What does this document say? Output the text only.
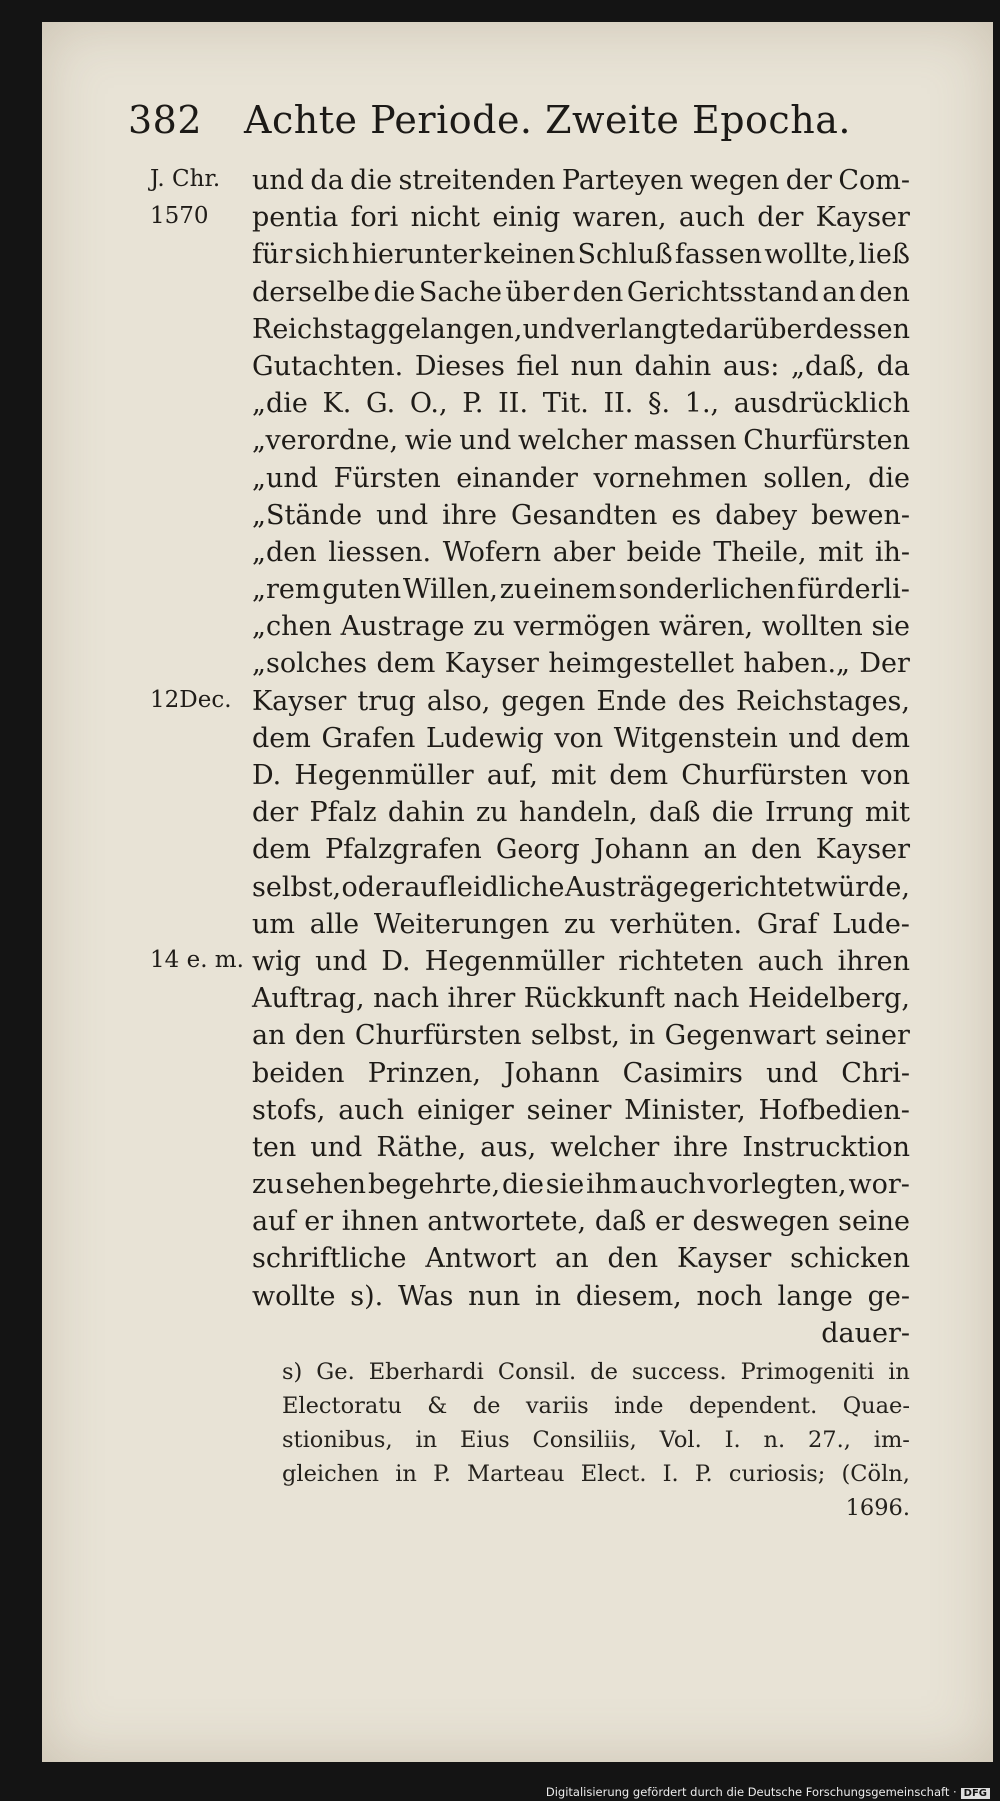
382 Achte Periode. Zweite Epocha.
und da die streitenden Parteyen wegen der Com-
pentia fori nicht einig waren, auch der Kayser
für sich hierunter keinen Schluß fassen wollte, ließ
derselbe die Sache über den Gerichtsstand an den
Reichstag gelangen, und verlangte darüber dessen
Gutachten. Dieses fiel nun dahin aus: „daß, da
„die K. G. O., P. II. Tit. II. §. 1., ausdrücklich
„verordne, wie und welcher massen Churfürsten
„und Fürsten einander vornehmen sollen, die
„Stände und ihre Gesandten es dabey bewen-
„den liessen. Wofern aber beide Theile, mit ih-
„rem guten Willen, zu einem sonderlichen fürderli-
„chen Austrage zu vermögen wären, wollten sie
„solches dem Kayser heimgestellet haben.„ Der
Kayser trug also, gegen Ende des Reichstages,
dem Grafen Ludewig von Witgenstein und dem
D. Hegenmüller auf, mit dem Churfürsten von
der Pfalz dahin zu handeln, daß die Irrung mit
dem Pfalzgrafen Georg Johann an den Kayser
selbst, oder auf leidliche Austräge gerichtet würde,
um alle Weiterungen zu verhüten. Graf Lude-
wig und D. Hegenmüller richteten auch ihren
Auftrag, nach ihrer Rückkunft nach Heidelberg,
an den Churfürsten selbst, in Gegenwart seiner
beiden Prinzen, Johann Casimirs und Chri-
stofs, auch einiger seiner Minister, Hofbedien-
ten und Räthe, aus, welcher ihre Instrucktion
zu sehen begehrte, die sie ihm auch vorlegten, wor-
auf er ihnen antwortete, daß er deswegen seine
schriftliche Antwort an den Kayser schicken
wollte s). Was nun in diesem, noch lange ge-
dauer-
J. Chr.
1570
12Dec.
14 e. m.
s) Ge. Eberhardi Consil. de success. Primogeniti in
Electoratu & de variis inde dependent. Quae-
stionibus, in Eius Consiliis, Vol. I. n. 27., im-
gleichen in P. Marteau Elect. I. P. curiosis; (Cöln,
1696.
Digitalisierung gefördert durch die Deutsche Forschungsgemeinschaft · DFG
